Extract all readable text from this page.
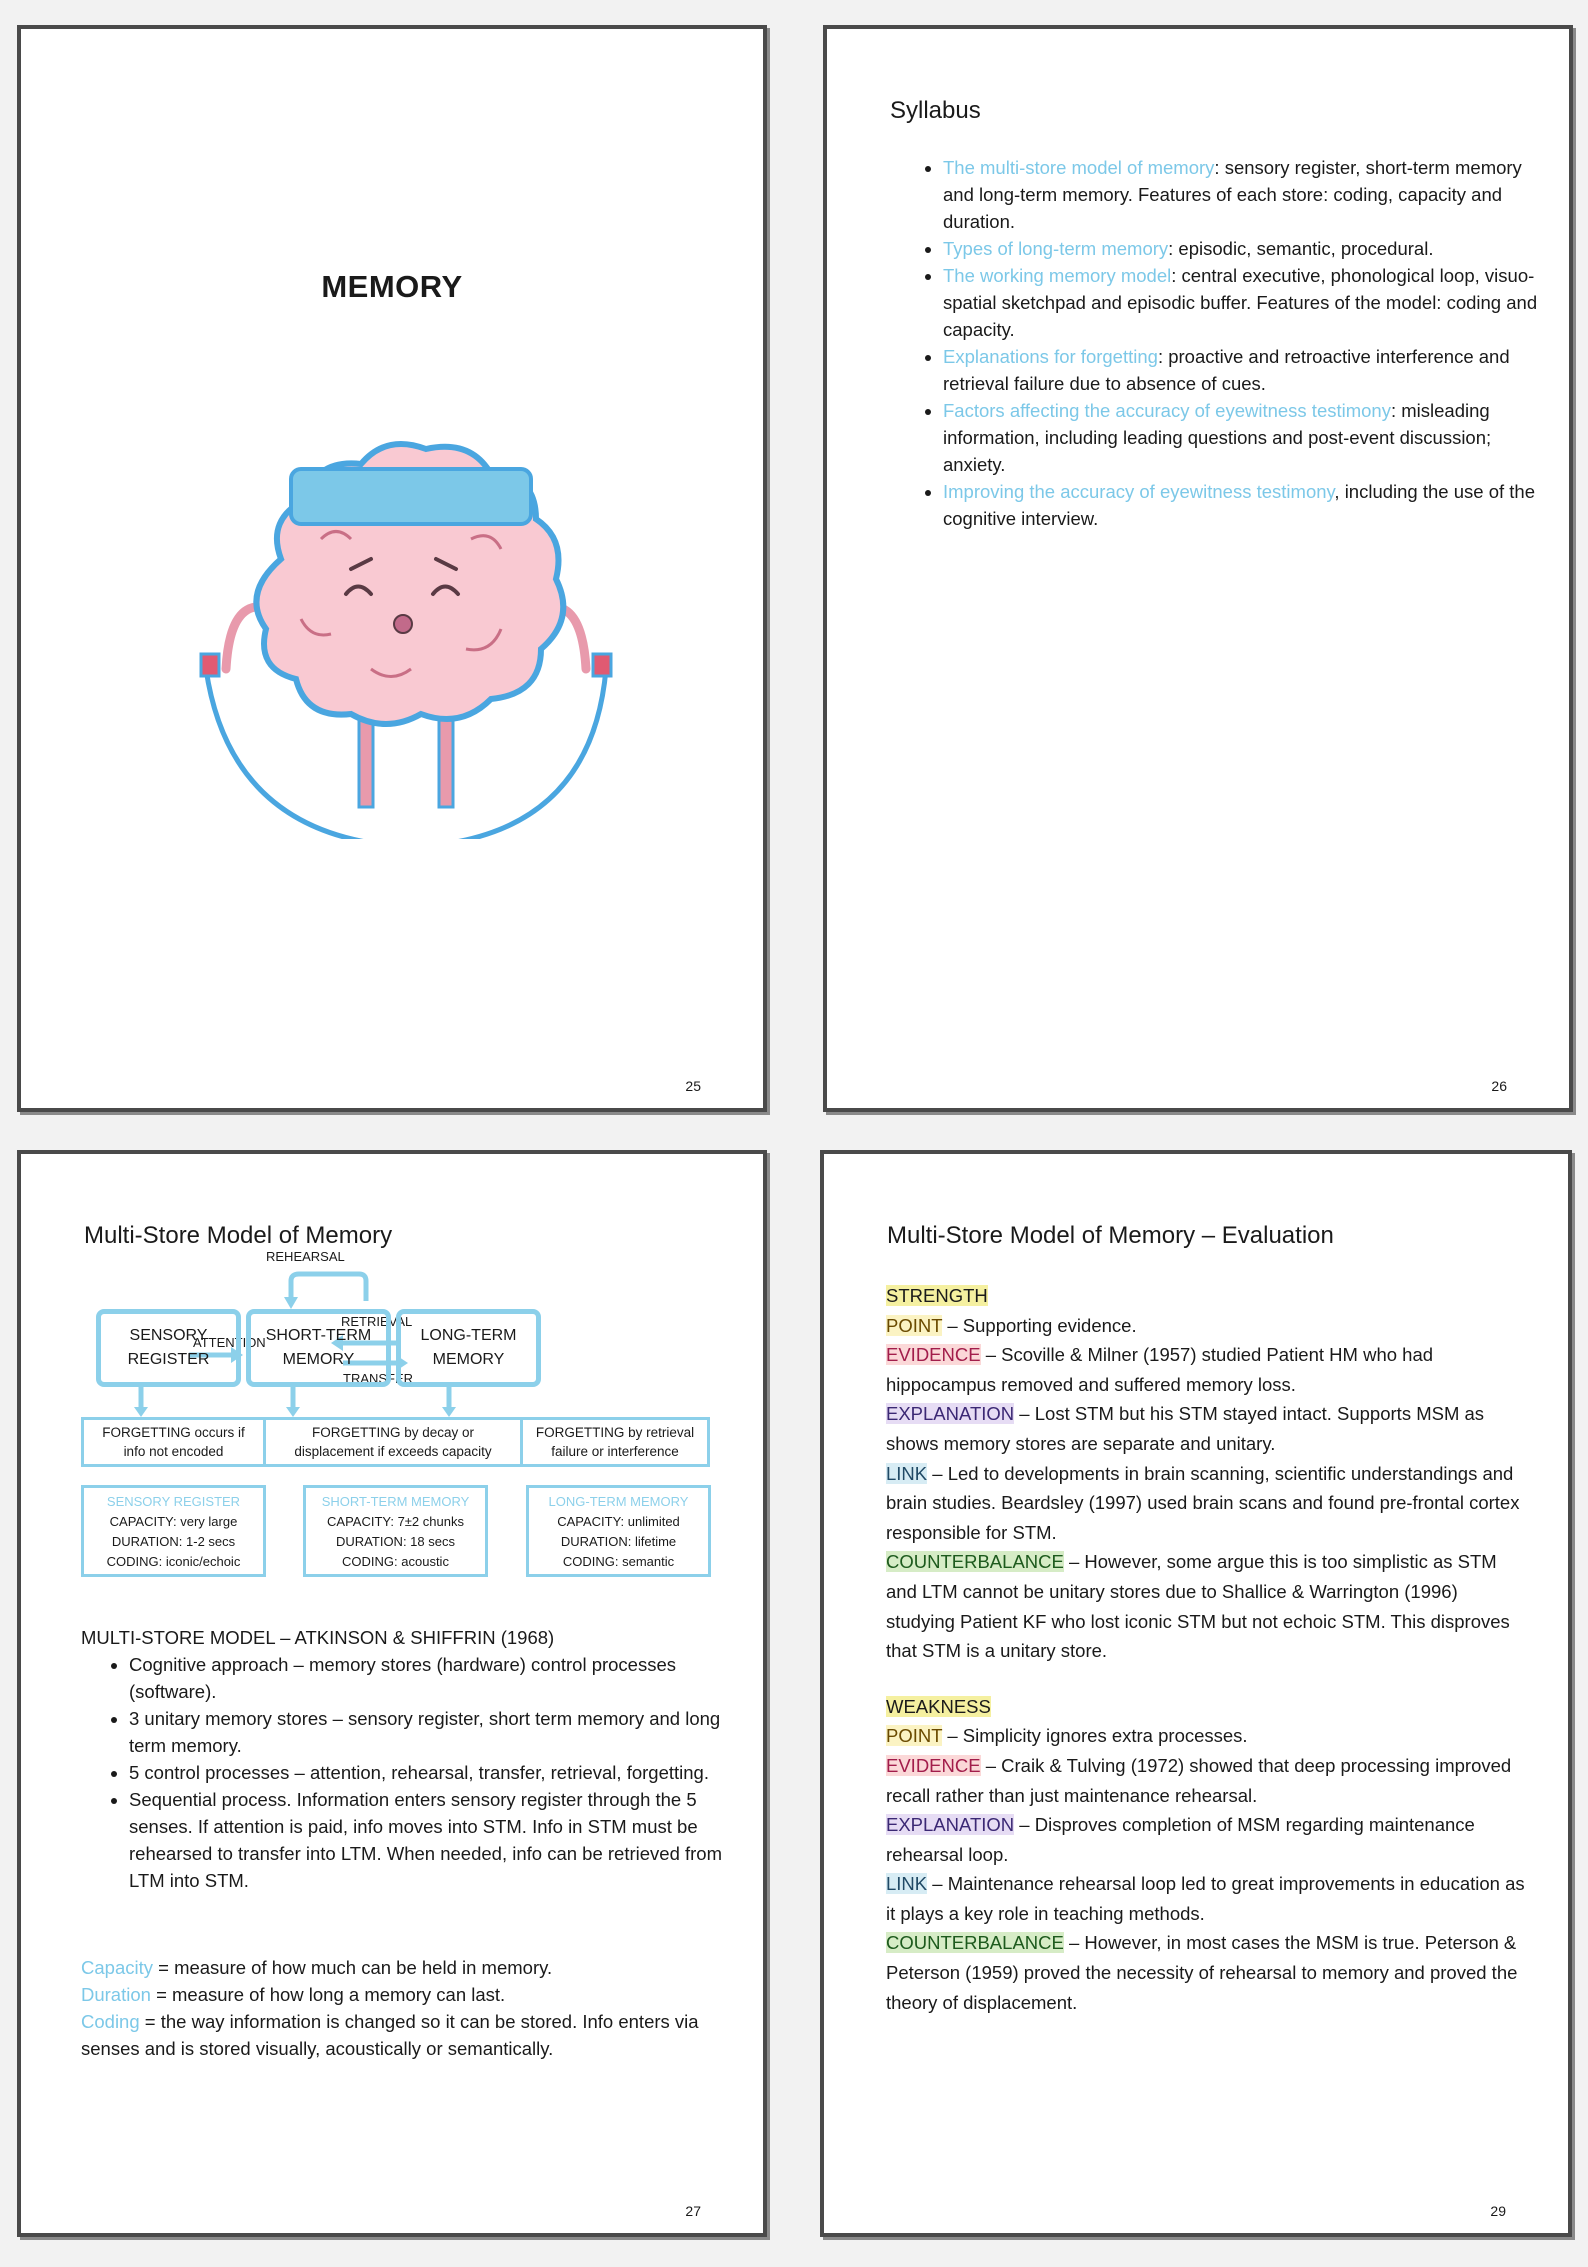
MEMORY
25
Syllabus
• The multi-store model of memory: sensory register, short-term memory and long-term memory. Features of each store: coding, capacity and duration.
• Types of long-term memory: episodic, semantic, procedural.
• The working memory model: central executive, phonological loop, visuo-spatial sketchpad and episodic buffer. Features of the model: coding and capacity.
• Explanations for forgetting: proactive and retroactive interference and retrieval failure due to absence of cues.
• Factors affecting the accuracy of eyewitness testimony: misleading information, including leading questions and post-event discussion; anxiety.
• Improving the accuracy of eyewitness testimony, including the use of the cognitive interview.
26
Multi-Store Model of Memory
REHEARSAL
RETRIEVAL
ATTENTION
TRANSFER
SENSORY
REGISTER
SHORT-TERM
MEMORY
LONG-TERM
MEMORY
FORGETTING occurs if
info not encoded
FORGETTING by decay or
displacement if exceeds capacity
FORGETTING by retrieval
failure or interference
SENSORY REGISTER
CAPACITY: very large
DURATION: 1-2 secs
CODING: iconic/echoic
SHORT-TERM MEMORY
CAPACITY: 7±2 chunks
DURATION: 18 secs
CODING: acoustic
LONG-TERM MEMORY
CAPACITY: unlimited
DURATION: lifetime
CODING: semantic
MULTI-STORE MODEL – ATKINSON & SHIFFRIN (1968)
• Cognitive approach – memory stores (hardware) control processes (software).
• 3 unitary memory stores – sensory register, short term memory and long term memory.
• 5 control processes – attention, rehearsal, transfer, retrieval, forgetting.
• Sequential process. Information enters sensory register through the 5 senses. If attention is paid, info moves into STM. Info in STM must be rehearsed to transfer into LTM. When needed, info can be retrieved from LTM into STM.
Capacity = measure of how much can be held in memory.
Duration = measure of how long a memory can last.
Coding = the way information is changed so it can be stored. Info enters via senses and is stored visually, acoustically or semantically.
27
Multi-Store Model of Memory – Evaluation

STRENGTH

POINT – Supporting evidence.

EVIDENCE – Scoville & Milner (1957) studied Patient HM who had hippocampus removed and suffered memory loss.

EXPLANATION – Lost STM but his STM stayed intact. Supports MSM as shows memory stores are separate and unitary.

LINK – Led to developments in brain scanning, scientific understandings and brain studies. Beardsley (1997) used brain scans and found pre-frontal cortex responsible for STM.

COUNTERBALANCE – However, some argue this is too simplistic as STM and LTM cannot be unitary stores due to Shallice & Warrington (1996) studying Patient KF who lost iconic STM but not echoic STM. This disproves that STM is a unitary store.

WEAKNESS

POINT – Simplicity ignores extra processes.

EVIDENCE – Craik & Tulving (1972) showed that deep processing improved recall rather than just maintenance rehearsal.

EXPLANATION – Disproves completion of MSM regarding maintenance rehearsal loop.

LINK – Maintenance rehearsal loop led to great improvements in education as it plays a key role in teaching methods.

COUNTERBALANCE – However, in most cases the MSM is true. Peterson & Peterson (1959) proved the necessity of rehearsal to memory and proved the theory of displacement.

29
